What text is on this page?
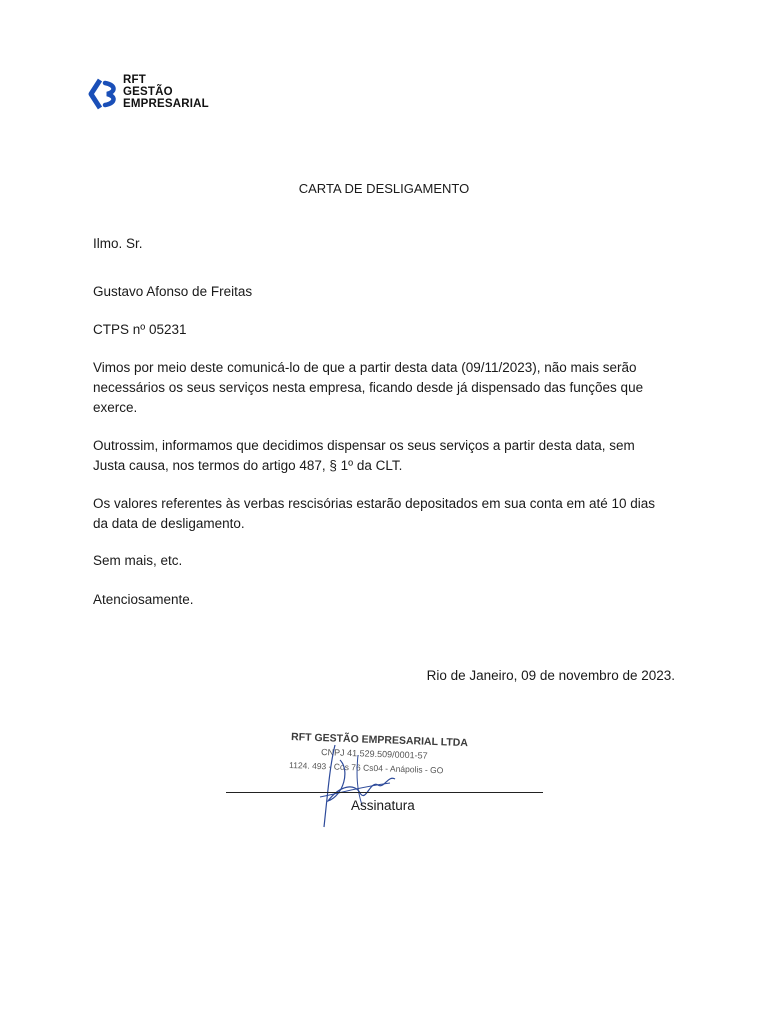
RFT
GESTÃO
EMPRESARIAL
CARTA DE DESLIGAMENTO
Ilmo. Sr.
Gustavo Afonso de Freitas
CTPS nº 05231
Vimos por meio deste comunicá-lo de que a partir desta data (09/11/2023), não mais serão
necessários os seus serviços nesta empresa, ficando desde já dispensado das funções que
exerce.
Outrossim, informamos que decidimos dispensar os seus serviços a partir desta data, sem
Justa causa, nos termos do artigo 487, § 1º da CLT.
Os valores referentes às verbas rescisórias estarão depositados em sua conta em até 10 dias
da data de desligamento.
Sem mais, etc.
Atenciosamente.
Rio de Janeiro, 09 de novembro de 2023.
RFT GESTÃO EMPRESARIAL LTDA
CNPJ 41.529.509/0001-57
1124. 493 - Cos 76 Cs04 - Anápolis - GO
Assinatura
